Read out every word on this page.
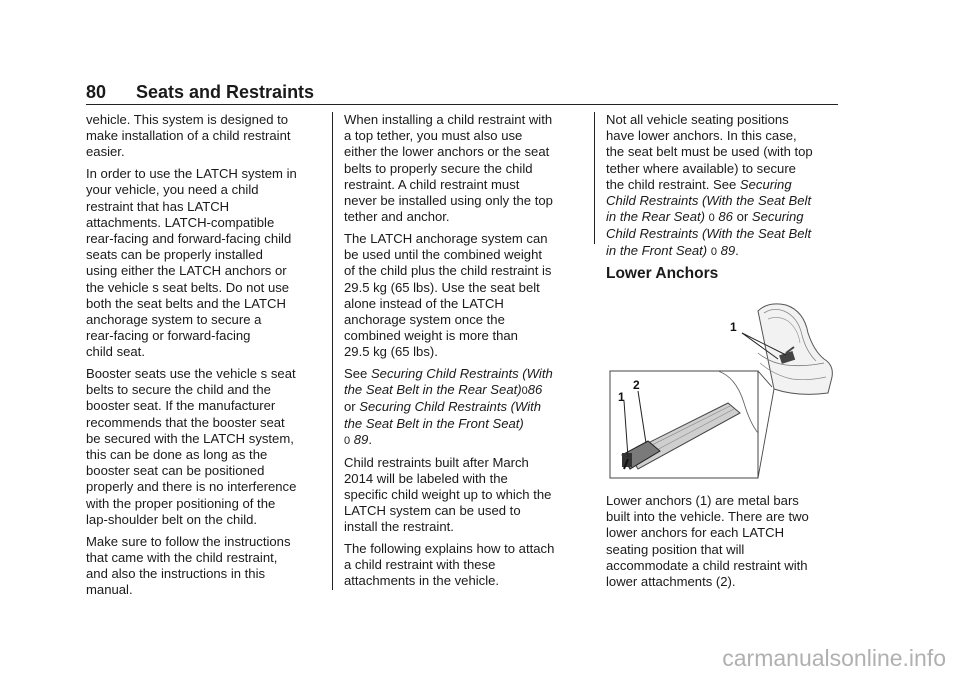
80 Seats and Restraints

vehicle. This system is designed to
make installation of a child restraint
easier.

In order to use the LATCH system in
your vehicle, you need a child
restraint that has LATCH
attachments. LATCH-compatible
rear-facing and forward-facing child
seats can be properly installed
using either the LATCH anchors or
the vehicle s seat belts. Do not use
both the seat belts and the LATCH
anchorage system to secure a
rear-facing or forward-facing
child seat.

Booster seats use the vehicle s seat
belts to secure the child and the
booster seat. If the manufacturer
recommends that the booster seat
be secured with the LATCH system,
this can be done as long as the
booster seat can be positioned
properly and there is no interference
with the proper positioning of the
lap-shoulder belt on the child.

Make sure to follow the instructions
that came with the child restraint,
and also the instructions in this
manual.

When installing a child restraint with
a top tether, you must also use
either the lower anchors or the seat
belts to properly secure the child
restraint. A child restraint must
never be installed using only the top
tether and anchor.

The LATCH anchorage system can
be used until the combined weight
of the child plus the child restraint is
29.5 kg (65 lbs). Use the seat belt
alone instead of the LATCH
anchorage system once the
combined weight is more than
29.5 kg (65 lbs).

See Securing Child Restraints (With
the Seat Belt in the Rear Seat)086
or Securing Child Restraints (With
the Seat Belt in the Front Seat)
0 89.

Child restraints built after March
2014 will be labeled with the
specific child weight up to which the
LATCH system can be used to
install the restraint.

The following explains how to attach
a child restraint with these
attachments in the vehicle.

Not all vehicle seating positions
have lower anchors. In this case,
the seat belt must be used (with top
tether where available) to secure
the child restraint. See Securing
Child Restraints (With the Seat Belt
in the Rear Seat) 0 86 or Securing
Child Restraints (With the Seat Belt
in the Front Seat) 0 89.

Lower Anchors
1
2
1

Lower anchors (1) are metal bars
built into the vehicle. There are two
lower anchors for each LATCH
seating position that will
accommodate a child restraint with
lower attachments (2).

carmanualsonline.info
